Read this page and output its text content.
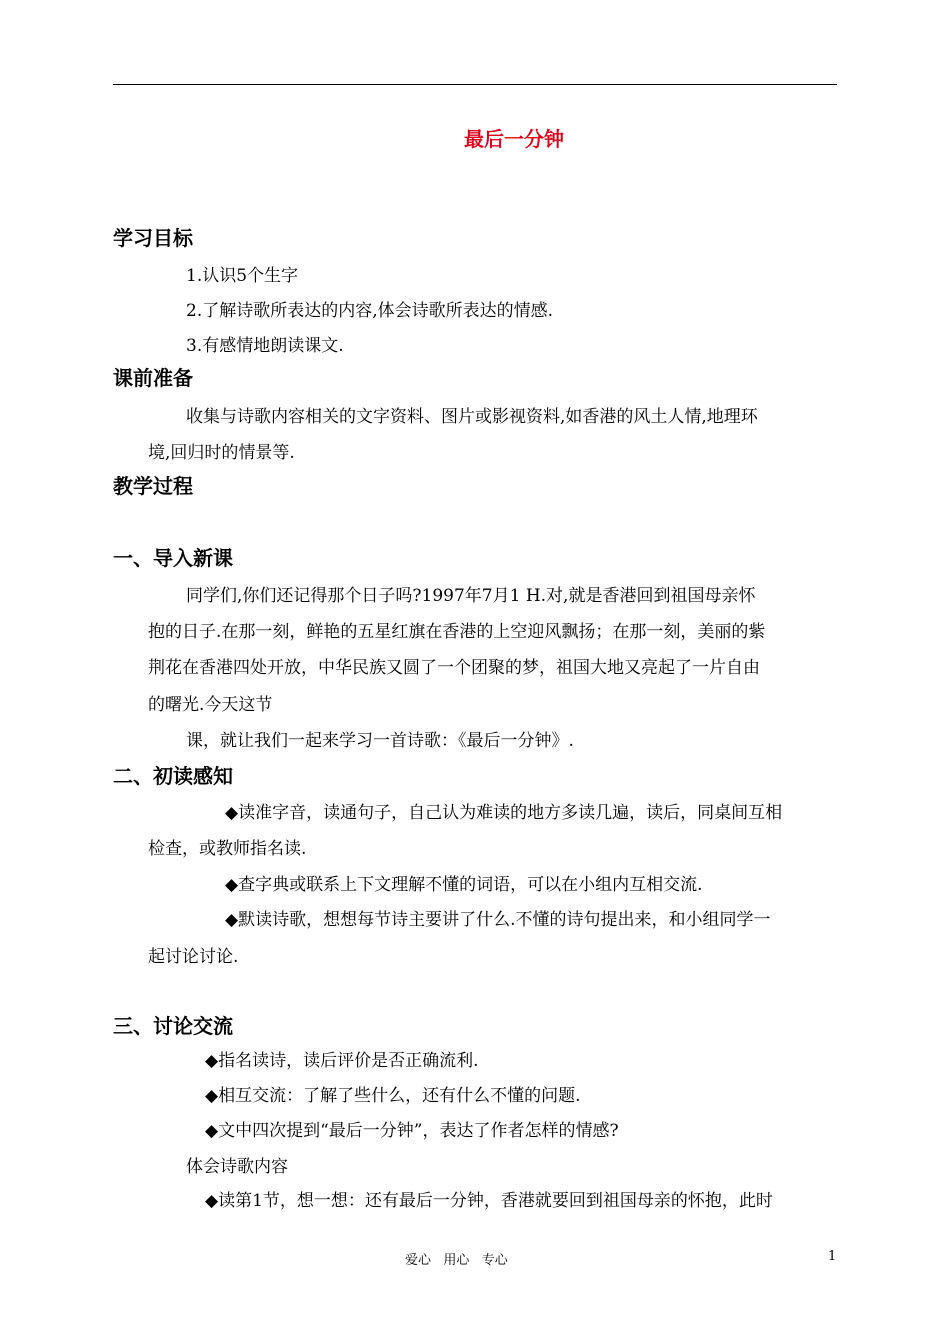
最后一分钟
学习目标
1.认识5个生字
2.了解诗歌所表达的内容,体会诗歌所表达的情感.
3.有感情地朗读课文.
课前准备
收集与诗歌内容相关的文字资料、图片或影视资料,如香港的风土人情,地理环
境,回归时的情景等.
教学过程
一、导入新课
同学们,你们还记得那个日子吗?1997年7月1 H.对,就是香港回到祖国母亲怀
抱的日子.在那一刻，鲜艳的五星红旗在香港的上空迎风飘扬；在那一刻，美丽的紫
荆花在香港四处开放，中华民族又圆了一个团聚的梦，祖国大地又亮起了一片自由
的曙光.今天这节
课，就让我们一起来学习一首诗歌：《最后一分钟》.
二、初读感知
◆读准字音，读通句子，自己认为难读的地方多读几遍，读后，同桌间互相
检查，或教师指名读.
◆查字典或联系上下文理解不懂的词语，可以在小组内互相交流.
◆默读诗歌，想想每节诗主要讲了什么.不懂的诗句提出来，和小组同学一
起讨论讨论.
三、讨论交流
◆指名读诗，读后评价是否正确流利.
◆相互交流：了解了些什么，还有什么不懂的问题.
◆文中四次提到“最后一分钟”，表达了作者怎样的情感?
体会诗歌内容
◆读第1节，想一想：还有最后一分钟，香港就要回到祖国母亲的怀抱，此时
爱心   用心   专心	1
